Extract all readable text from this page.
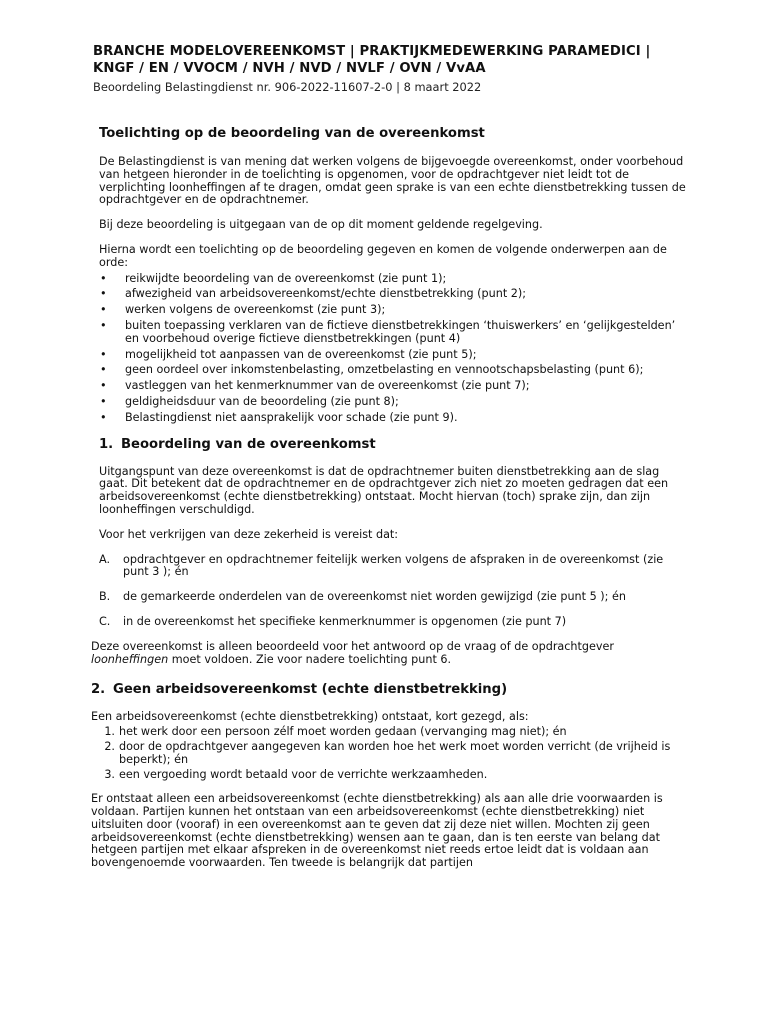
BRANCHE MODELOVEREENKOMST | PRAKTIJKMEDEWERKING PARAMEDICI |
KNGF / EN / VVOCM / NVH / NVD / NVLF / OVN / VvAA

Beoordeling Belastingdienst nr. 906-2022-11607-2-0 | 8 maart 2022

Toelichting op de beoordeling van de overeenkomst

De Belastingdienst is van mening dat werken volgens de bijgevoegde overeenkomst, onder voorbehoud van hetgeen hieronder in de toelichting is opgenomen, voor de opdrachtgever niet leidt tot de verplichting loonheffingen af te dragen, omdat geen sprake is van een echte dienstbetrekking tussen de opdrachtgever en de opdrachtnemer.

Bij deze beoordeling is uitgegaan van de op dit moment geldende regelgeving.

Hierna wordt een toelichting op de beoordeling gegeven en komen de volgende onderwerpen aan de orde:

• reikwijdte beoordeling van de overeenkomst (zie punt 1);
• afwezigheid van arbeidsovereenkomst/echte dienstbetrekking (punt 2);
• werken volgens de overeenkomst (zie punt 3);
• buiten toepassing verklaren van de fictieve dienstbetrekkingen ‘thuiswerkers’ en ‘gelijkgestelden’ en voorbehoud overige fictieve dienstbetrekkingen (punt 4)
• mogelijkheid tot aanpassen van de overeenkomst (zie punt 5);
• geen oordeel over inkomstenbelasting, omzetbelasting en vennootschapsbelasting (punt 6);
• vastleggen van het kenmerknummer van de overeenkomst (zie punt 7);
• geldigheidsduur van de beoordeling (zie punt 8);
• Belastingdienst niet aansprakelijk voor schade (zie punt 9).
1. Beoordeling van de overeenkomst

Uitgangspunt van deze overeenkomst is dat de opdrachtnemer buiten dienstbetrekking aan de slag gaat. Dit betekent dat de opdrachtnemer en de opdrachtgever zich niet zo moeten gedragen dat een arbeidsovereenkomst (echte dienstbetrekking) ontstaat. Mocht hiervan (toch) sprake zijn, dan zijn loonheffingen verschuldigd.

Voor het verkrijgen van deze zekerheid is vereist dat:

A.	opdrachtgever en opdrachtnemer feitelijk werken volgens de afspraken in de overeenkomst (zie punt 3 ); én
B.	de gemarkeerde onderdelen van de overeenkomst niet worden gewijzigd (zie punt 5 ); én
C.	in de overeenkomst het specifieke kenmerknummer is opgenomen (zie punt 7)

Deze overeenkomst is alleen beoordeeld voor het antwoord op de vraag of de opdrachtgever loonheffingen moet voldoen. Zie voor nadere toelichting punt 6.

2. Geen arbeidsovereenkomst (echte dienstbetrekking)

Een arbeidsovereenkomst (echte dienstbetrekking) ontstaat, kort gezegd, als:

1. het werk door een persoon zélf moet worden gedaan (vervanging mag niet); én
2. door de opdrachtgever aangegeven kan worden hoe het werk moet worden verricht (de vrijheid is beperkt); én
3. een vergoeding wordt betaald voor de verrichte werkzaamheden.

Er ontstaat alleen een arbeidsovereenkomst (echte dienstbetrekking) als aan alle drie voorwaarden is voldaan. Partijen kunnen het ontstaan van een arbeidsovereenkomst (echte dienstbetrekking) niet uitsluiten door (vooraf) in een overeenkomst aan te geven dat zij deze niet willen. Mochten zij geen arbeidsovereenkomst (echte dienstbetrekking) wensen aan te gaan, dan is ten eerste van belang dat hetgeen partijen met elkaar afspreken in de overeenkomst niet reeds ertoe leidt dat is voldaan aan bovengenoemde voorwaarden. Ten tweede is belangrijk dat partijen
